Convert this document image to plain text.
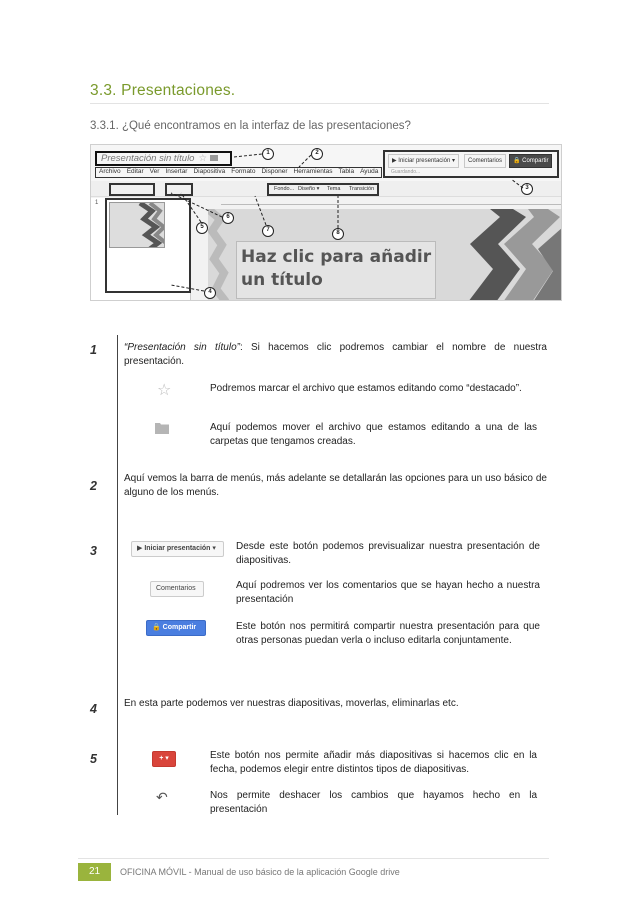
3.3. Presentaciones.
3.3.1. ¿Qué encontramos en la interfaz de las presentaciones?
Presentación sin título ☆
Archivo Editar Ver Insertar Diapositiva Formato Disponer Herramientas Tabla Ayuda
▶ Iniciar presentación ▾	Comentarios	🔒 Compartir
Guardando...
Fondo... Diseño ▾ Tema Transición
1
Haz clic para añadir un título
1	2
3
4
5
6
7	8
1	“Presentación sin título”: Si hacemos clic podremos cambiar el nombre de nuestra presentación.
☆	Podremos marcar el archivo que estamos editando como “destacado”.
Aquí podemos mover el archivo que estamos editando a una de las carpetas que tengamos creadas.
2
Aquí vemos la barra de menús, más adelante se detallarán las opciones para un uso básico de alguno de los menús.
3	▶ Iniciar presentación ▾	Desde este botón podemos previsualizar nuestra presentación de diapositivas.
Comentarios	Aquí podremos ver los comentarios que se hayan hecho a nuestra presentación
🔒 Compartir	Este botón nos permitirá compartir nuestra presentación para que otras personas puedan verla o incluso editarla conjuntamente.
4	En esta parte podemos ver nuestras diapositivas, moverlas, eliminarlas etc.
5	+ ▾	Este botón nos permite añadir más diapositivas si hacemos clic en la fecha, podemos elegir entre distintos tipos de diapositivas.
↶	Nos permite deshacer los cambios que hayamos hecho en la presentación
21	OFICINA MÓVIL - Manual de uso básico de la aplicación Google drive
